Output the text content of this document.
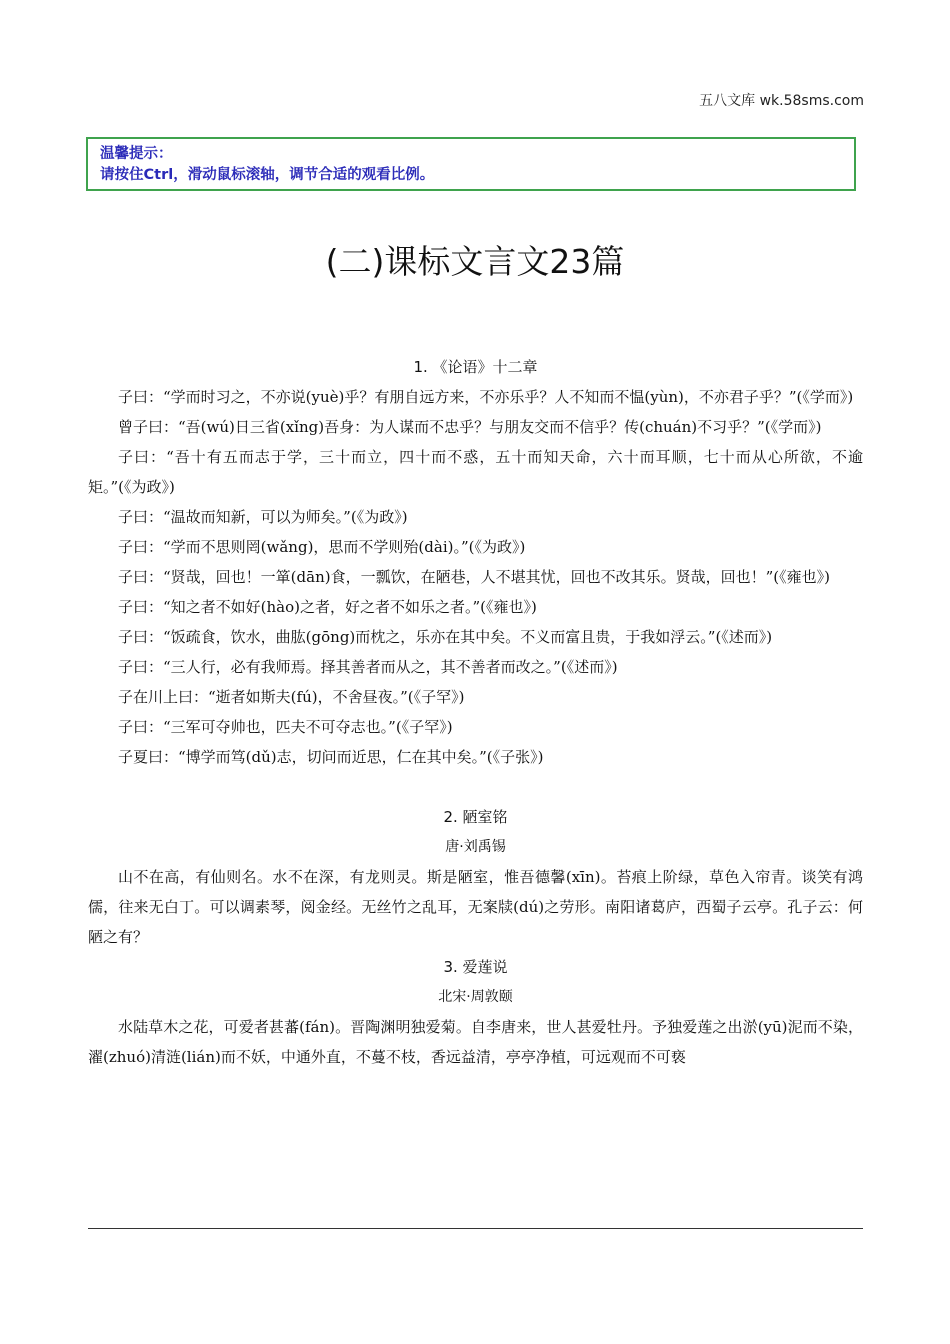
五八文库 wk.58sms.com
温馨提示：
请按住Ctrl，滑动鼠标滚轴，调节合适的观看比例。
(二)课标文言文23篇
1. 《论语》十二章

子曰：“学而时习之，不亦说(yuè)乎？有朋自远方来，不亦乐乎？人不知而不愠(yùn)，不亦君子乎？”(《学而》)

曾子曰：“吾(wú)日三省(xǐng)吾身：为人谋而不忠乎？与朋友交而不信乎？传(chuán)不习乎？”(《学而》)

子曰：“吾十有五而志于学，三十而立，四十而不惑，五十而知天命，六十而耳顺，七十而从心所欲，不逾矩。”(《为政》)

子曰：“温故而知新，可以为师矣。”(《为政》)

子曰：“学而不思则罔(wǎng)，思而不学则殆(dài)。”(《为政》)

子曰：“贤哉，回也！一箪(dān)食，一瓢饮，在陋巷，人不堪其忧，回也不改其乐。贤哉，回也！”(《雍也》)

子曰：“知之者不如好(hào)之者，好之者不如乐之者。”(《雍也》)

子曰：“饭疏食，饮水，曲肱(gōng)而枕之，乐亦在其中矣。不义而富且贵，于我如浮云。”(《述而》)

子曰：“三人行，必有我师焉。择其善者而从之，其不善者而改之。”(《述而》)

子在川上曰：“逝者如斯夫(fú)，不舍昼夜。”(《子罕》)

子曰：“三军可夺帅也，匹夫不可夺志也。”(《子罕》)

子夏曰：“博学而笃(dǔ)志，切问而近思，仁在其中矣。”(《子张》)

2. 陋室铭
唐·刘禹锡

山不在高，有仙则名。水不在深，有龙则灵。斯是陋室，惟吾德馨(xīn)。苔痕上阶绿，草色入帘青。谈笑有鸿儒，往来无白丁。可以调素琴，阅金经。无丝竹之乱耳，无案牍(dú)之劳形。南阳诸葛庐，西蜀子云亭。孔子云：何陋之有？

3. 爱莲说
北宋·周敦颐

水陆草木之花，可爱者甚蕃(fán)。晋陶渊明独爱菊。自李唐来，世人甚爱牡丹。予独爱莲之出淤(yū)泥而不染，濯(zhuó)清涟(lián)而不妖，中通外直，不蔓不枝，香远益清，亭亭净植，可远观而不可亵
